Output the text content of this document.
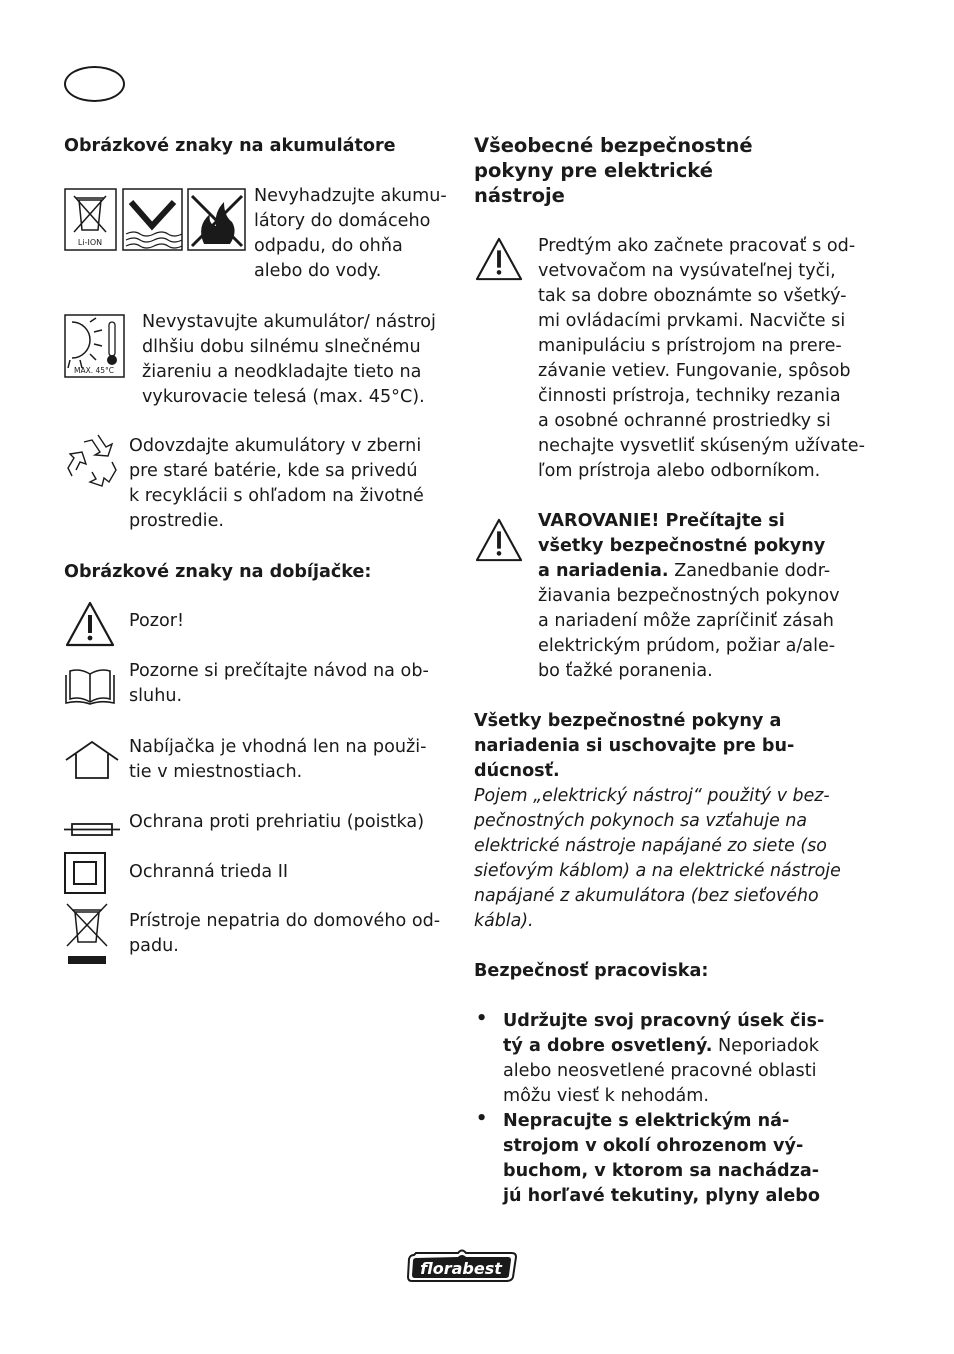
Obrázkové znaky na akumulátore
Li-ION
Nevyhadzujte akumu-
látory do domáceho
odpadu, do ohňa
alebo do vody.
MAX. 45°C
Nevystavujte akumulátor/ nástroj
dlhšiu dobu silnému slnečnému
žiareniu a neodkladajte tieto na
vykurovacie telesá (max. 45°C).
Odovzdajte akumulátory v zberni
pre staré batérie, kde sa privedú
k recyklácii s ohľadom na životné
prostredie.
Obrázkové znaky na dobíjačke:
Pozor!
Pozorne si prečítajte návod na ob-
sluhu.
Nabíjačka je vhodná len na použi-
tie v miestnostiach.
Ochrana proti prehriatiu (poistka)
Ochranná trieda II
Prístroje nepatria do domového od-
padu.
Všeobecné bezpečnostné
pokyny pre elektrické
nástroje
Predtým ako začnete pracovať s od-
vetvovačom na vysúvateľnej tyči,
tak sa dobre oboznámte so všetký-
mi ovládacími prvkami. Nacvičte si
manipuláciu s prístrojom na prere-
závanie vetiev. Fungovanie, spôsob
činnosti prístroja, techniky rezania
a osobné ochranné prostriedky si
nechajte vysvetliť skúseným užívate-
ľom prístroja alebo odborníkom.
VAROVANIE! Prečítajte si
všetky bezpečnostné pokyny
a nariadenia. Zanedbanie dodr-
žiavania bezpečnostných pokynov
a nariadení môže zapríčiniť zásah
elektrickým prúdom, požiar a/ale-
bo ťažké poranenia.
Všetky bezpečnostné pokyny a
nariadenia si uschovajte pre bu-
dúcnosť.
Pojem „elektrický nástroj“ použitý v bez-
pečnostných pokynoch sa vzťahuje na
elektrické nástroje napájané zo siete (so
sieťovým káblom) a na elektrické nástroje
napájané z akumulátora (bez sieťového
kábla).
Bezpečnosť pracoviska:
• Udržujte svoj pracovný úsek čis-
tý a dobre osvetlený. Neporiadok
alebo neosvetlené pracovné oblasti
môžu viesť k nehodám.
• Nepracujte s elektrickým ná-
strojom v okolí ohrozenom vý-
buchom, v ktorom sa nachádza-
jú horľavé tekutiny, plyny alebo
florabest
